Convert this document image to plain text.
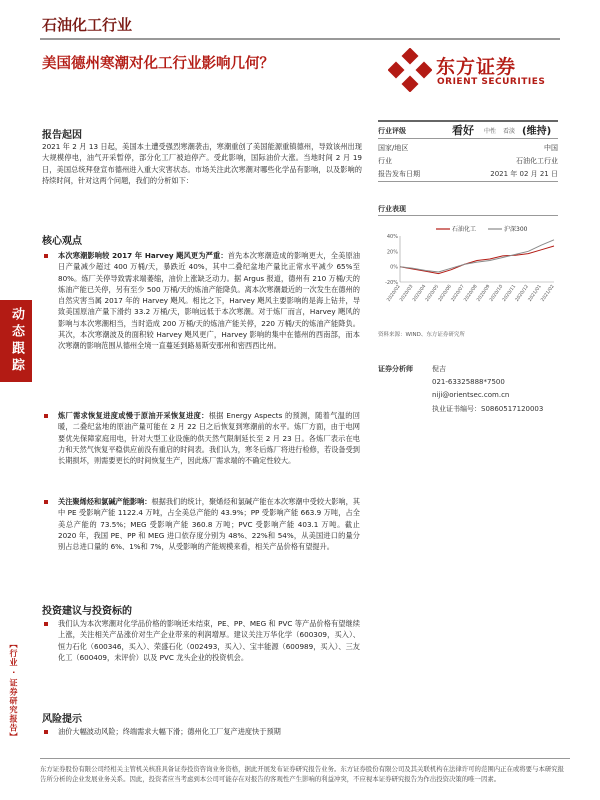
石油化工行业
美国德州寒潮对化工行业影响几何？	东方证券
ORIENT SECURITIES
动态跟踪
【行业 · 证券研究报告】
报告起因
2021 年 2 月 13 日起，美国本土遭受强烈寒潮袭击，寒潮重创了美国能源重镇德州，导致该州出现大规模停电，油气开采暂停，部分化工厂被迫停产。受此影响，国际油价大涨。当地时间 2 月 19 日，美国总统拜登宣布德州进入重大灾害状态。市场关注此次寒潮对哪些化学品有影响，以及影响的持续时间，针对这两个问题，我们的分析如下：
核心观点
本次寒潮影响较 2017 年 Harvey 飓风更为严重：首先本次寒潮造成的影响更大，全美原油日产量减少超过 400 万桶/天，暴跌近 40%，其中二叠纪盆地产量比正常水平减少 65%至 80%。炼厂关停导致需求端萎缩，油价上涨缺乏动力。据 Argus 报道，德州有 210 万桶/天的炼油产能已关停，另有至少 500 万桶/天的炼油产能降负。离本次寒潮最近的一次发生在德州的自然灾害当属 2017 年的 Harvey 飓风。相比之下，Harvey 飓风主要影响的是海上钻井，导致美国原油产量下滑约 33.2 万桶/天，影响远低于本次寒潮。对于炼厂而言，Harvey 飓风的影响与本次寒潮相当，当时造成 200 万桶/天的炼油产能关停，220 万桶/天的炼油产能降负。其次，本次寒潮波及的面积较 Harvey 飓风更广，Harvey 影响的集中在德州的西南部，而本次寒潮的影响范围从德州全境一直蔓延到路易斯安那州和密西西比州。
炼厂需求恢复进度或慢于原油开采恢复进度：根据 Energy Aspects 的预测，随着气温的回暖，二叠纪盆地的原油产量可能在 2 月 22 日之后恢复到寒潮前的水平。炼厂方面，由于电网要优先保障家庭用电，针对大型工业设施的供天然气限制延长至 2 月 23 日。各炼厂表示在电力和天然气恢复平稳供应前没有重启的时间表。我们认为，寒冬后炼厂将进行检修，若设备受到长期损坏，则需要更长的时间恢复生产，因此炼厂需求端的不确定性较大。
关注聚烯烃和氯碱产能影响：根据我们的统计，聚烯烃和氯碱产能在本次寒潮中受较大影响，其中 PE 受影响产能 1122.4 万吨，占全美总产能的 43.9%；PP 受影响产能 663.9 万吨，占全美总产能的 73.5%；MEG 受影响产能 360.8 万吨；PVC 受影响产能 403.1 万吨。截止 2020 年，我国 PE、PP 和 MEG 进口依存度分别为 48%、22%和 54%，从美国进口的量分别占总进口量的 6%、1%和 7%，从受影响的产能规模来看，相关产品价格有望提升。
投资建议与投资标的
我们认为本次寒潮对化学品价格的影响还未结束，PE、PP、MEG 和 PVC 等产品价格有望继续上涨，关注相关产品涨价对生产企业带来的利润增厚。建议关注万华化学（600309，买入）、恒力石化（600346，买入）、荣盛石化（002493，买入）、宝丰能源（600989，买入）、三友化工（600409，未评价）以及 PVC 龙头企业的投资机会。
风险提示
油价大幅波动风险；终端需求大幅下滑；德州化工厂复产进度快于预期
行业评级	看好 中性 看淡 (维持)
国家/地区	中国
行业	石油化工行业
报告发布日期	2021 年 02 月 21 日
行业表现
-20%
0%
20%
40%
2020/02
2020/03
2020/04
2020/05
2020/06
2020/07
2020/08
2020/09
2020/10
2020/11
2020/12
2021/01
2021/02
石油化工	沪深300
资料来源：WIND、东方证券研究所
证券分析师	倪吉
021-63325888*7500
niji@orientsec.com.cn
执业证书编号：S0860517120003
东方证券股份有限公司经相关主管机关核准具备证券投资咨询业务资格，据此开展发布证券研究报告业务。东方证券股份有限公司及其关联机构在法律许可的范围内正在或将要与本研究报告所分析的企业发展业务关系。因此，投资者应当考虑到本公司可能存在对报告的客观性产生影响的利益冲突，不应视本证券研究报告为作出投资决策的唯一因素。
